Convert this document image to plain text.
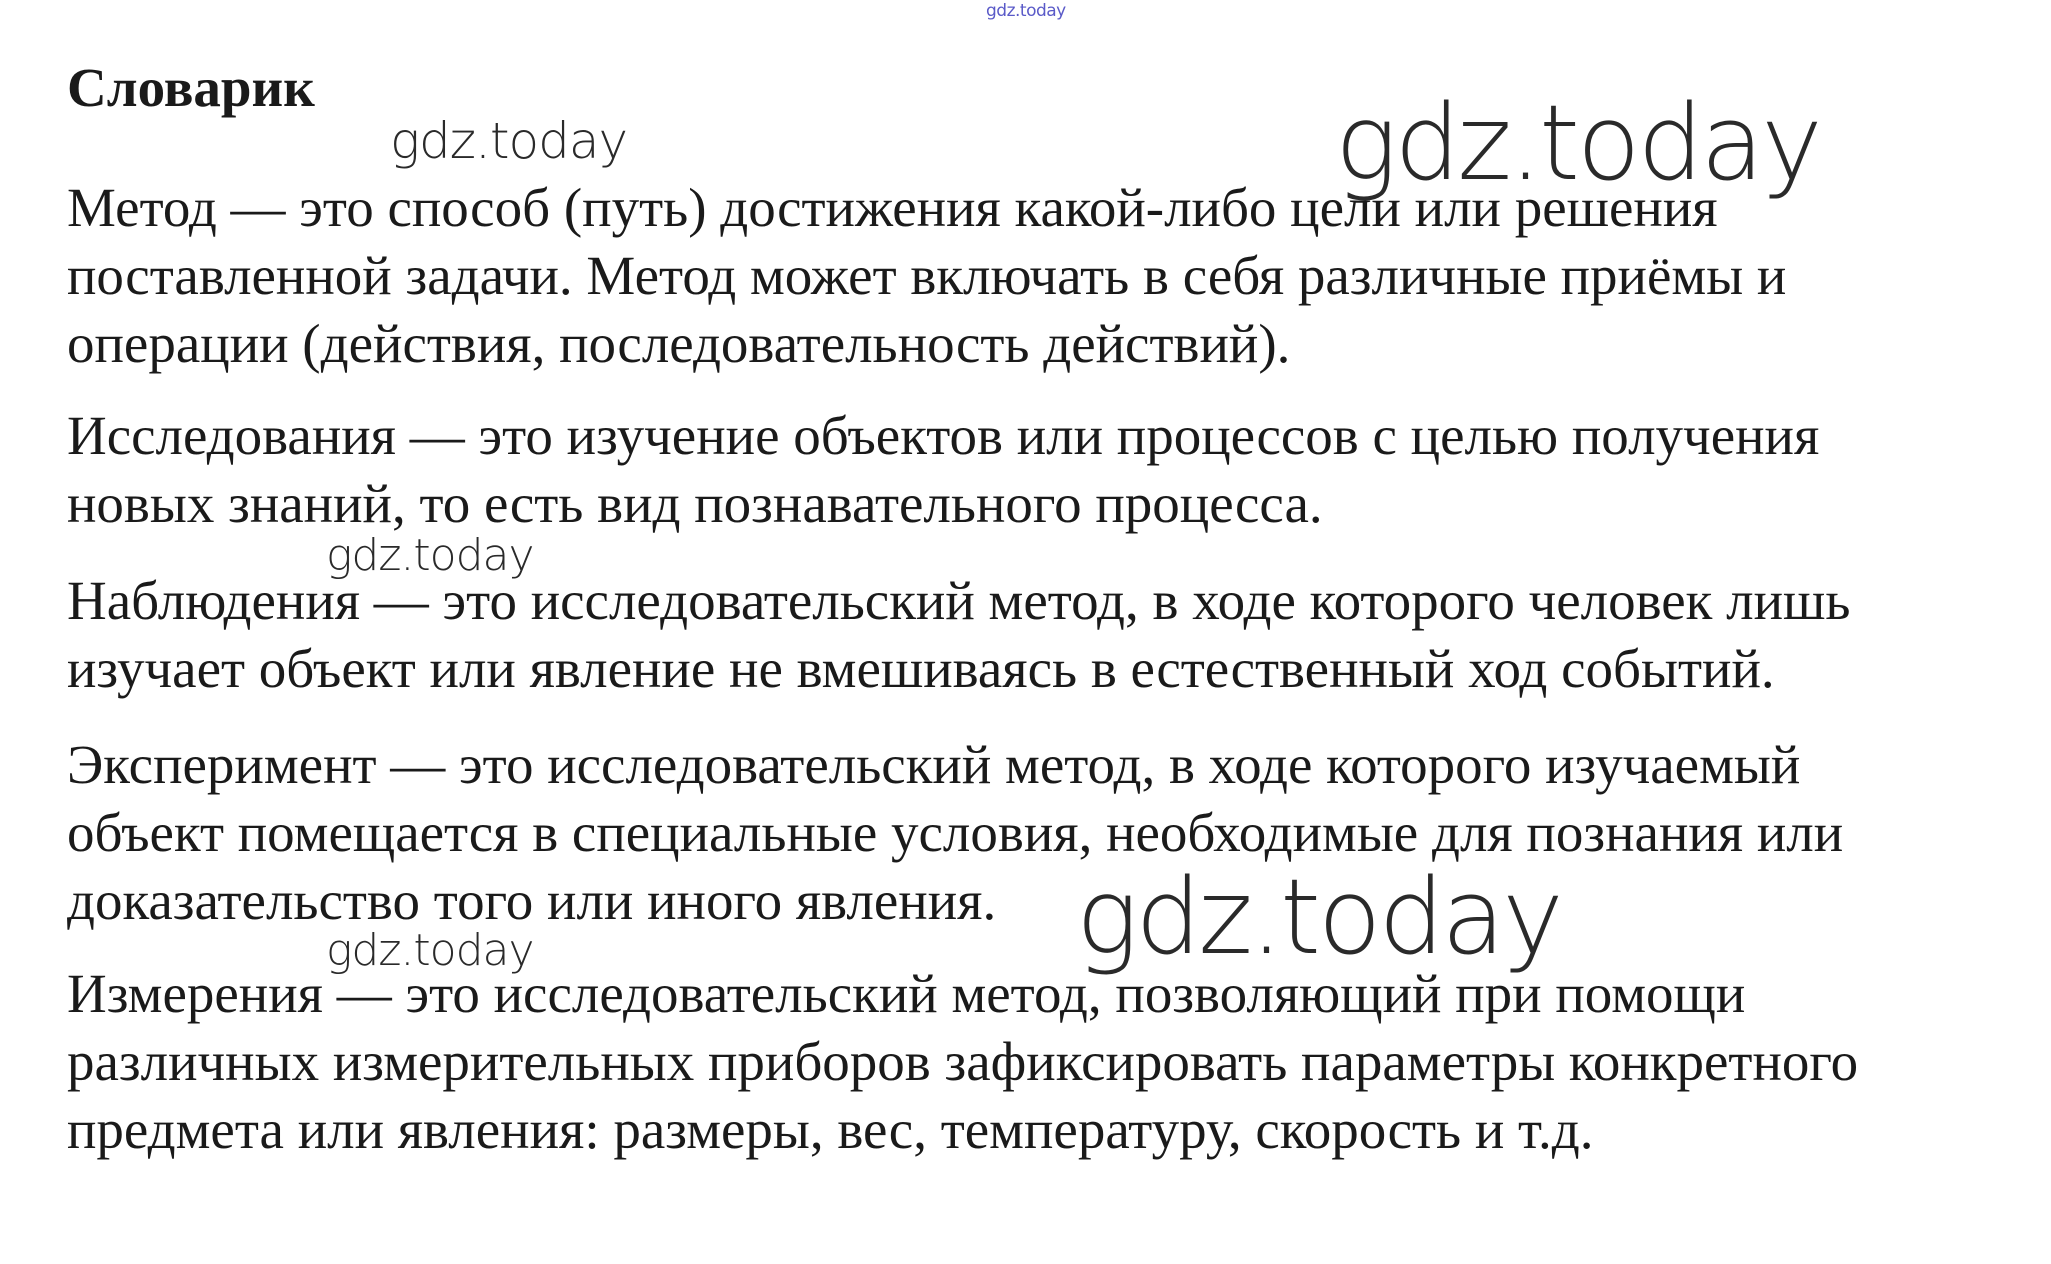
gdz.today
Словарик
Метод — это способ (путь) достижения какой-либо цели или решения
поставленной задачи. Метод может включать в себя различные приёмы и
операции (действия, последовательность действий).
Исследования — это изучение объектов или процессов с целью получения
новых знаний, то есть вид познавательного процесса.
Наблюдения — это исследовательский метод, в ходе которого человек лишь
изучает объект или явление не вмешиваясь в естественный ход событий.
Эксперимент — это исследовательский метод, в ходе которого изучаемый
объект помещается в специальные условия, необходимые для познания или
доказательство того или иного явления.
Измерения — это исследовательский метод, позволяющий при помощи
различных измерительных приборов зафиксировать параметры конкретного
предмета или явления: размеры, вес, температуру, скорость и т.д.
gdz.today	gdz.today
gdz.today
gdz.today
gdz.today
